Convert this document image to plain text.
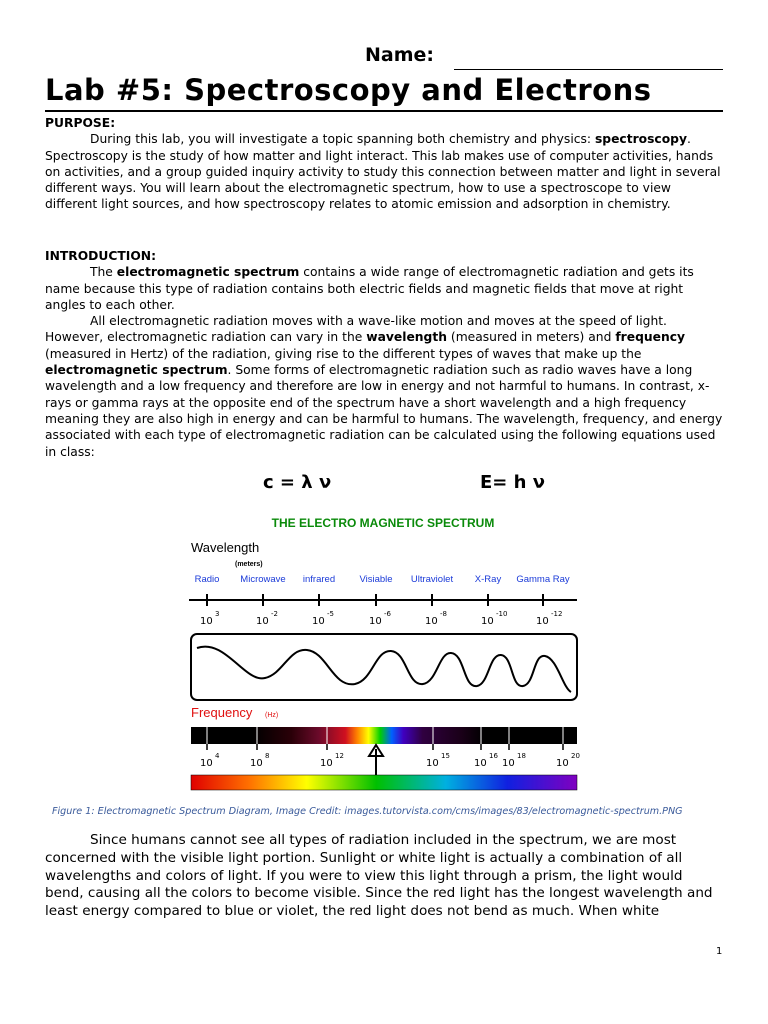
Name:
Lab #5: Spectroscopy and Electrons
PURPOSE:

During this lab, you will investigate a topic spanning both chemistry and physics: spectroscopy. Spectroscopy is the study of how matter and light interact. This lab makes use of computer activities, hands on activities, and a group guided inquiry activity to study this connection between matter and light in several different ways. You will learn about the electromagnetic spectrum, how to use a spectroscope to view different light sources, and how spectroscopy relates to atomic emission and adsorption in chemistry.

INTRODUCTION:

The electromagnetic spectrum contains a wide range of electromagnetic radiation and gets its name because this type of radiation contains both electric fields and magnetic fields that move at right angles to each other.

All electromagnetic radiation moves with a wave-like motion and moves at the speed of light. However, electromagnetic radiation can vary in the wavelength (measured in meters) and frequency (measured in Hertz) of the radiation, giving rise to the different types of waves that make up the electromagnetic spectrum. Some forms of electromagnetic radiation such as radio waves have a long wavelength and a low frequency and therefore are low in energy and not harmful to humans. In contrast, x-rays or gamma rays at the opposite end of the spectrum have a short wavelength and a high frequency meaning they are also high in energy and can be harmful to humans. The wavelength, frequency, and energy associated with each type of electromagnetic radiation can be calculated using the following equations used in class:

c = λ ν	E= h ν
THE ELECTRO MAGNETIC SPECTRUM
Wavelength
(meters)
Radio Microwave infrared	Visiable Ultraviolet X-Ray Gamma Ray
10
3
10
-2
10
-5
10
-6
10
-8
10
-10
10
-12
Frequency (Hz)
10
4
10
8
10
12
10
15
10
16
10
18
10
20
Figure 1: Electromagnetic Spectrum Diagram, Image Credit: images.tutorvista.com/cms/images/83/electromagnetic-spectrum.PNG

Since humans cannot see all types of radiation included in the spectrum, we are most concerned with the visible light portion. Sunlight or white light is actually a combination of all wavelengths and colors of light. If you were to view this light through a prism, the light would bend, causing all the colors to become visible. Since the red light has the longest wavelength and least energy compared to blue or violet, the red light does not bend as much. When white

1
